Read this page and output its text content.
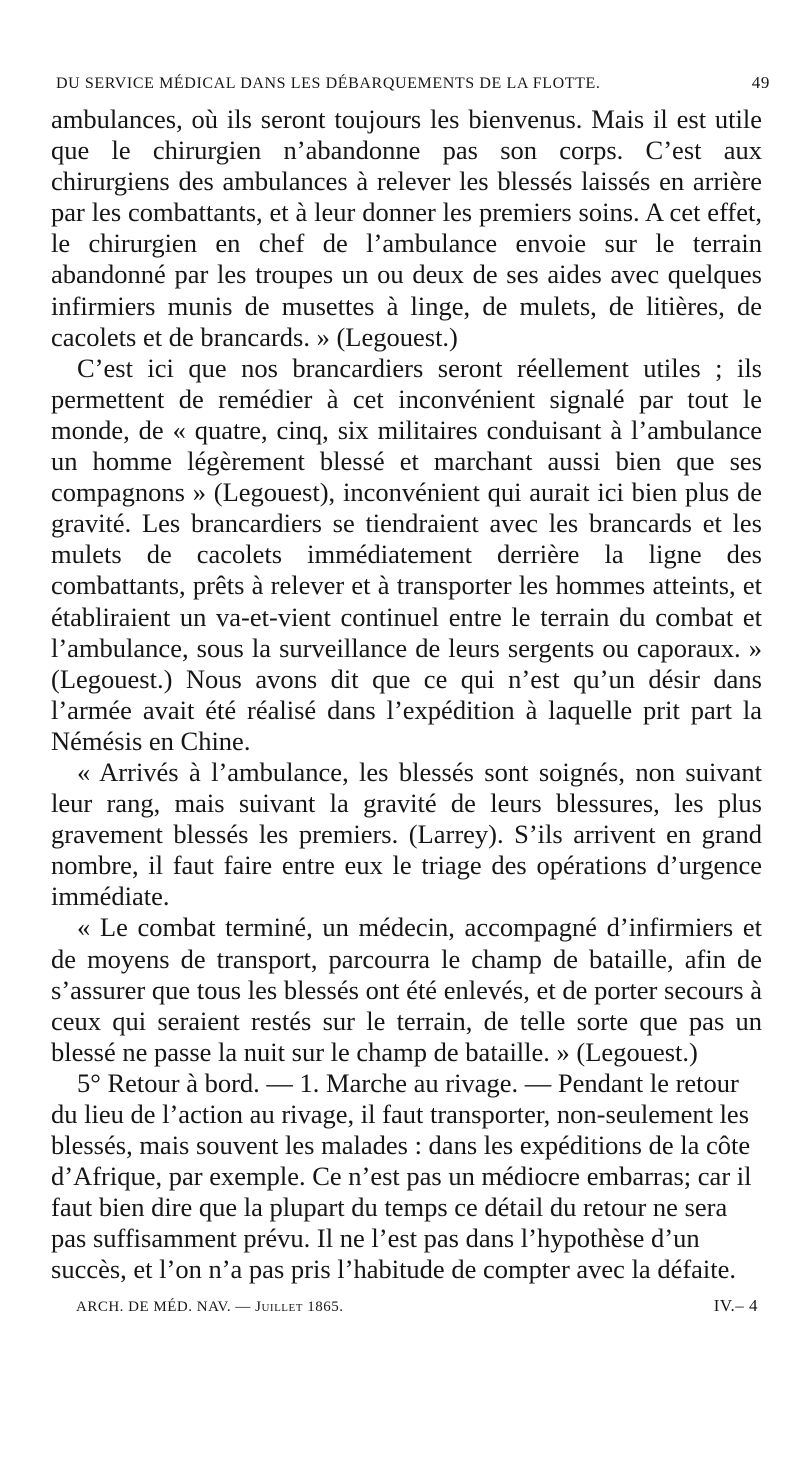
DU SERVICE MÉDICAL DANS LES DÉBARQUEMENTS DE LA FLOTTE.	49

ambulances, où ils seront toujours les bienvenus. Mais il est utile que le chirurgien n’abandonne pas son corps. C’est aux chirurgiens des ambulances à relever les blessés laissés en arrière par les combattants, et à leur donner les premiers soins. A cet effet, le chirurgien en chef de l’ambulance envoie sur le terrain abandonné par les troupes un ou deux de ses aides avec quelques infirmiers munis de musettes à linge, de mulets, de litières, de cacolets et de brancards. » (Legouest.)

C’est ici que nos brancardiers seront réellement utiles ; ils permettent de remédier à cet inconvénient signalé par tout le monde, de « quatre, cinq, six militaires conduisant à l’ambulance un homme légèrement blessé et marchant aussi bien que ses compagnons » (Legouest), inconvénient qui aurait ici bien plus de gravité. Les brancardiers se tiendraient avec les brancards et les mulets de cacolets immédiatement derrière la ligne des combattants, prêts à relever et à transporter les hommes atteints, et établiraient un va-et-vient continuel entre le terrain du combat et l’ambulance, sous la surveillance de leurs sergents ou caporaux. » (Legouest.) Nous avons dit que ce qui n’est qu’un désir dans l’armée avait été réalisé dans l’expédition à laquelle prit part la Némésis en Chine.

« Arrivés à l’ambulance, les blessés sont soignés, non suivant leur rang, mais suivant la gravité de leurs blessures, les plus gravement blessés les premiers. (Larrey). S’ils arrivent en grand nombre, il faut faire entre eux le triage des opérations d’urgence immédiate.

« Le combat terminé, un médecin, accompagné d’infirmiers et de moyens de transport, parcourra le champ de bataille, afin de s’assurer que tous les blessés ont été enlevés, et de porter secours à ceux qui seraient restés sur le terrain, de telle sorte que pas un blessé ne passe la nuit sur le champ de bataille. » (Legouest.)

5° Retour à bord. — 1. Marche au rivage. — Pendant le retour du lieu de l’action au rivage, il faut transporter, non-seulement les blessés, mais souvent les malades : dans les expéditions de la côte d’Afrique, par exemple. Ce n’est pas un médiocre embarras; car il faut bien dire que la plupart du temps ce détail du retour ne sera pas suffisamment prévu. Il ne l’est pas dans l’hypothèse d’un succès, et l’on n’a pas pris l’habitude de compter avec la défaite.

ARCH. DE MÉD. NAV. — Juillet 1865.	IV.– 4
